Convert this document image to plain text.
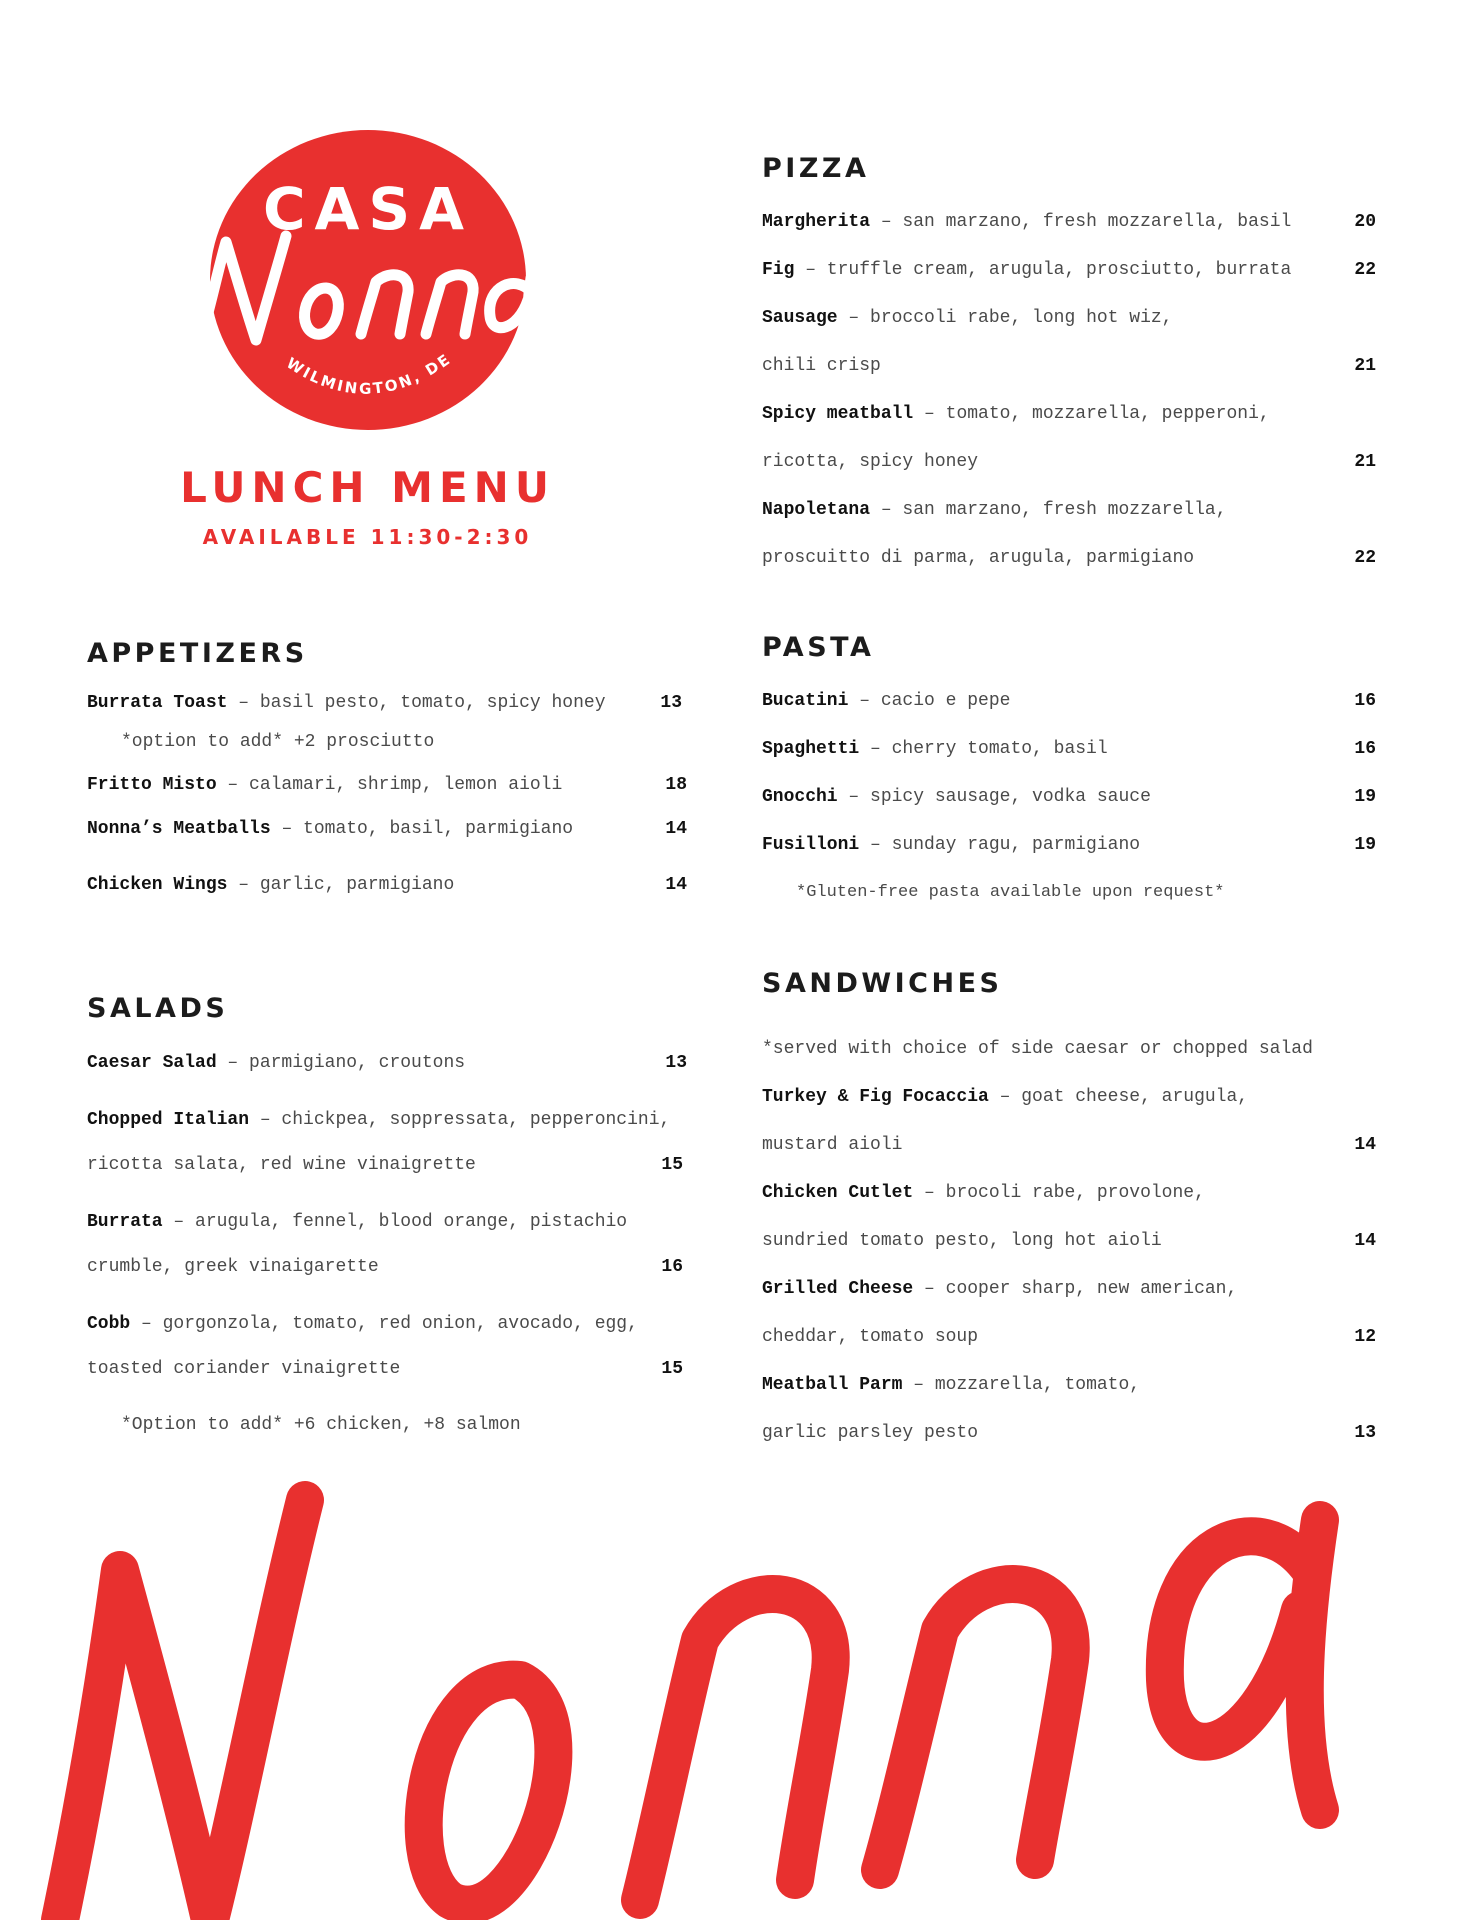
CASA
WILMINGTON, DE
LUNCH MENU
AVAILABLE 11:30-2:30
APPETIZERS
Burrata Toast – basil pesto, tomato, spicy honey	13
*option to add* +2 prosciutto
Fritto Misto – calamari, shrimp, lemon aioli	18
Nonna’s Meatballs – tomato, basil, parmigiano	14
Chicken Wings – garlic, parmigiano	14
SALADS
Caesar Salad – parmigiano, croutons	13
Chopped Italian – chickpea, soppressata, pepperoncini,
ricotta salata, red wine vinaigrette	15
Burrata – arugula, fennel, blood orange, pistachio
crumble, greek vinaigarette	16
Cobb – gorgonzola, tomato, red onion, avocado, egg,
toasted coriander vinaigrette	15
*Option to add* +6 chicken, +8 salmon
PIZZA
Margherita – san marzano, fresh mozzarella, basil	20
Fig – truffle cream, arugula, prosciutto, burrata	22
Sausage – broccoli rabe, long hot wiz,
chili crisp	21
Spicy meatball – tomato, mozzarella, pepperoni,
ricotta, spicy honey	21
Napoletana – san marzano, fresh mozzarella,
proscuitto di parma, arugula, parmigiano	22
PASTA
Bucatini – cacio e pepe	16
Spaghetti – cherry tomato, basil	16
Gnocchi – spicy sausage, vodka sauce	19
Fusilloni – sunday ragu, parmigiano	19
*Gluten-free pasta available upon request*
SANDWICHES
*served with choice of side caesar or chopped salad
Turkey & Fig Focaccia – goat cheese, arugula,
mustard aioli	14
Chicken Cutlet – brocoli rabe, provolone,
sundried tomato pesto, long hot aioli	14
Grilled Cheese – cooper sharp, new american,
cheddar, tomato soup	12
Meatball Parm – mozzarella, tomato,
garlic parsley pesto	13
